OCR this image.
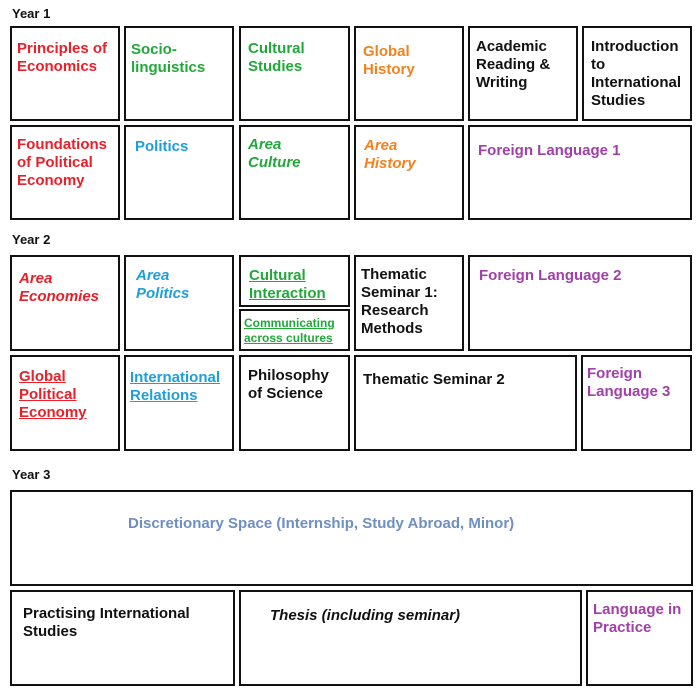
Year 1
Principles of Economics
Socio-linguistics
Cultural Studies
Global History
Academic Reading & Writing
Introduction to International Studies
Foundations of Political Economy
Politics	Area Culture
Area History
Foreign Language 1
Year 2
Area Economies
Area Politics
Cultural Interaction
Communicating across cultures
Thematic Seminar 1: Research Methods
Foreign Language 2
Global Political Economy
International Relations
Philosophy of Science
Thematic Seminar 2	Foreign Language 3
Year 3
Discretionary Space (Internship, Study Abroad, Minor)
Practising International Studies
Thesis (including seminar)	Language in Practice
